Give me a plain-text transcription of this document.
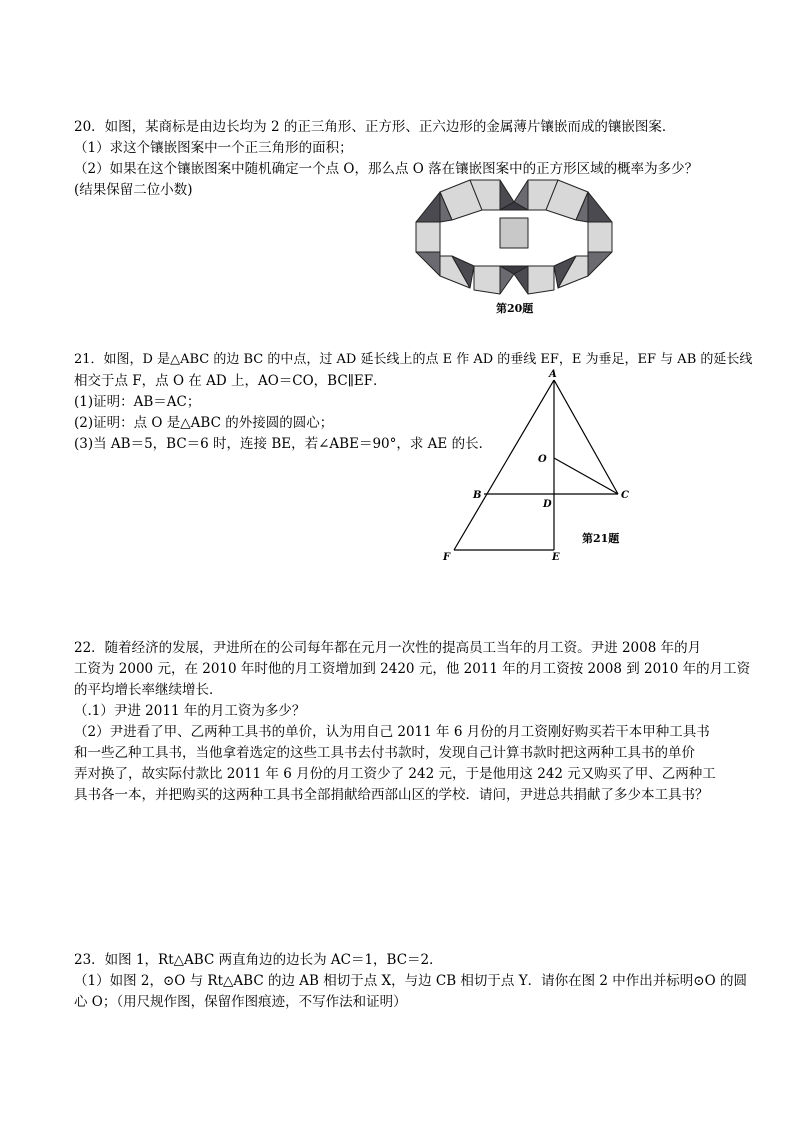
20．如图，某商标是由边长均为 2 的正三角形、正方形、正六边形的金属薄片镶嵌而成的镶嵌图案．
（1）求这个镶嵌图案中一个正三角形的面积；
（2）如果在这个镶嵌图案中随机确定一个点 O，那么点 O 落在镶嵌图案中的正方形区域的概率为多少？
(结果保留二位小数)
第20题
21．如图，D 是△ABC 的边 BC 的中点，过 AD 延长线上的点 E 作 AD 的垂线 EF，E 为垂足，EF 与 AB 的延长线
相交于点 F，点 O 在 AD 上，AO＝CO，BC∥EF．
(1)证明：AB＝AC；
(2)证明：点 O 是△ABC 的外接圆的圆心；
(3)当 AB＝5，BC＝6 时，连接 BE，若∠ABE＝90°，求 AE 的长．
A
O
B
D
C
F	E
第21题
22．随着经济的发展，尹进所在的公司每年都在元月一次性的提高员工当年的月工资。尹进 2008 年的月
工资为 2000 元，在 2010 年时他的月工资增加到 2420 元，他 2011 年的月工资按 2008 到 2010 年的月工资
的平均增长率继续增长．
（.1）尹进 2011 年的月工资为多少？
（2）尹进看了甲、乙两种工具书的单价，认为用自己 2011 年 6 月份的月工资刚好购买若干本甲种工具书
和一些乙种工具书，当他拿着选定的这些工具书去付书款时，发现自己计算书款时把这两种工具书的单价
弄对换了，故实际付款比 2011 年 6 月份的月工资少了 242 元，于是他用这 242 元又购买了甲、乙两种工
具书各一本，并把购买的这两种工具书全部捐献给西部山区的学校．请问，尹进总共捐献了多少本工具书？
23．如图 1，Rt△ABC 两直角边的边长为 AC＝1，BC＝2．
（1）如图 2，⊙O 与 Rt△ABC 的边 AB 相切于点 X，与边 CB 相切于点 Y．请你在图 2 中作出并标明⊙O 的圆
心 O；（用尺规作图，保留作图痕迹，不写作法和证明）
